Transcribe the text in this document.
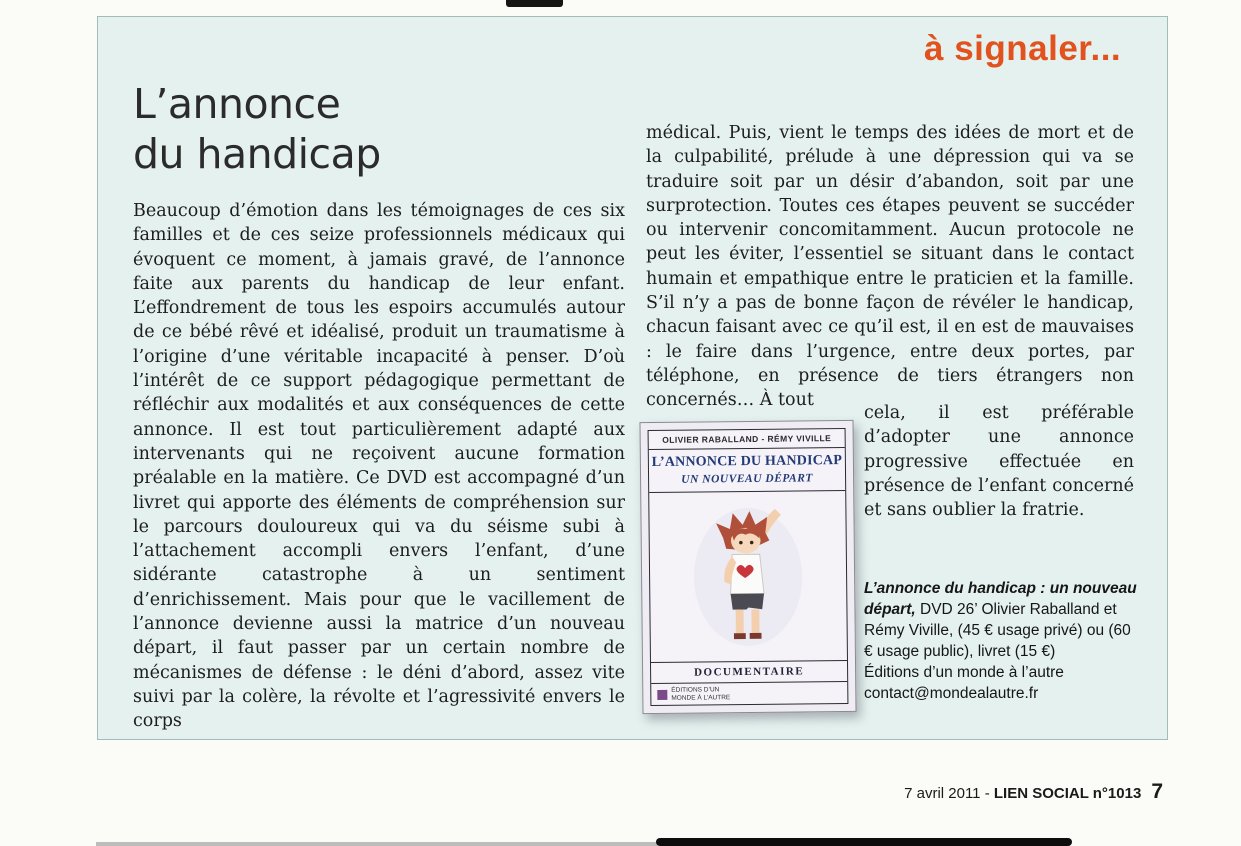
à signaler...
L’annonce
du handicap

Beaucoup d’émotion dans les témoignages de ces six familles et de ces seize professionnels médicaux qui évoquent ce moment, à jamais gravé, de l’annonce faite aux parents du handicap de leur enfant. L’effondrement de tous les espoirs accumulés autour de ce bébé rêvé et idéalisé, produit un traumatisme à l’origine d’une véritable incapacité à penser. D’où l’intérêt de ce support pédagogique permettant de réfléchir aux modalités et aux conséquences de cette annonce. Il est tout particulièrement adapté aux intervenants qui ne reçoivent aucune formation préalable en la matière. Ce DVD est accompagné d’un livret qui apporte des éléments de compréhension sur le parcours douloureux qui va du séisme subi à l’attachement accompli envers l’enfant, d’une sidérante catastrophe à un sentiment d’enrichissement. Mais pour que le vacillement de l’annonce devienne aussi la matrice d’un nouveau départ, il faut passer par un certain nombre de mécanismes de défense : le déni d’abord, assez vite suivi par la colère, la révolte et l’agressivité envers le corps

médical. Puis, vient le temps des idées de mort et de la culpabilité, prélude à une dépression qui va se traduire soit par un désir d’abandon, soit par une surprotection. Toutes ces étapes peuvent se succéder ou intervenir concomitamment. Aucun protocole ne peut les éviter, l’essentiel se situant dans le contact humain et empathique entre le praticien et la famille. S’il n’y a pas de bonne façon de révéler le handicap, chacun faisant avec ce qu’il est, il en est de mauvaises : le faire dans l’urgence, entre deux portes, par téléphone, en présence de tiers étrangers non concernés… À tout

cela, il est préférable d’adopter une annonce progressive effectuée en présence de l’enfant concerné et sans oublier la fratrie.

OLIVIER RABALLAND - RÉMY VIVILLE
L’ANNONCE DU HANDICAP
UN NOUVEAU DÉPART
DOCUMENTAIRE
ÉDITIONS D’UN MONDE À L’AUTRE

L’annonce du handicap : un nouveau départ, DVD 26’ Olivier Raballand et Rémy Viville, (45 € usage privé) ou (60 € usage public), livret (15 €)
Éditions d’un monde à l’autre
contact@mondealautre.fr

7 avril 2011 - LIEN SOCIAL n°1013 7
